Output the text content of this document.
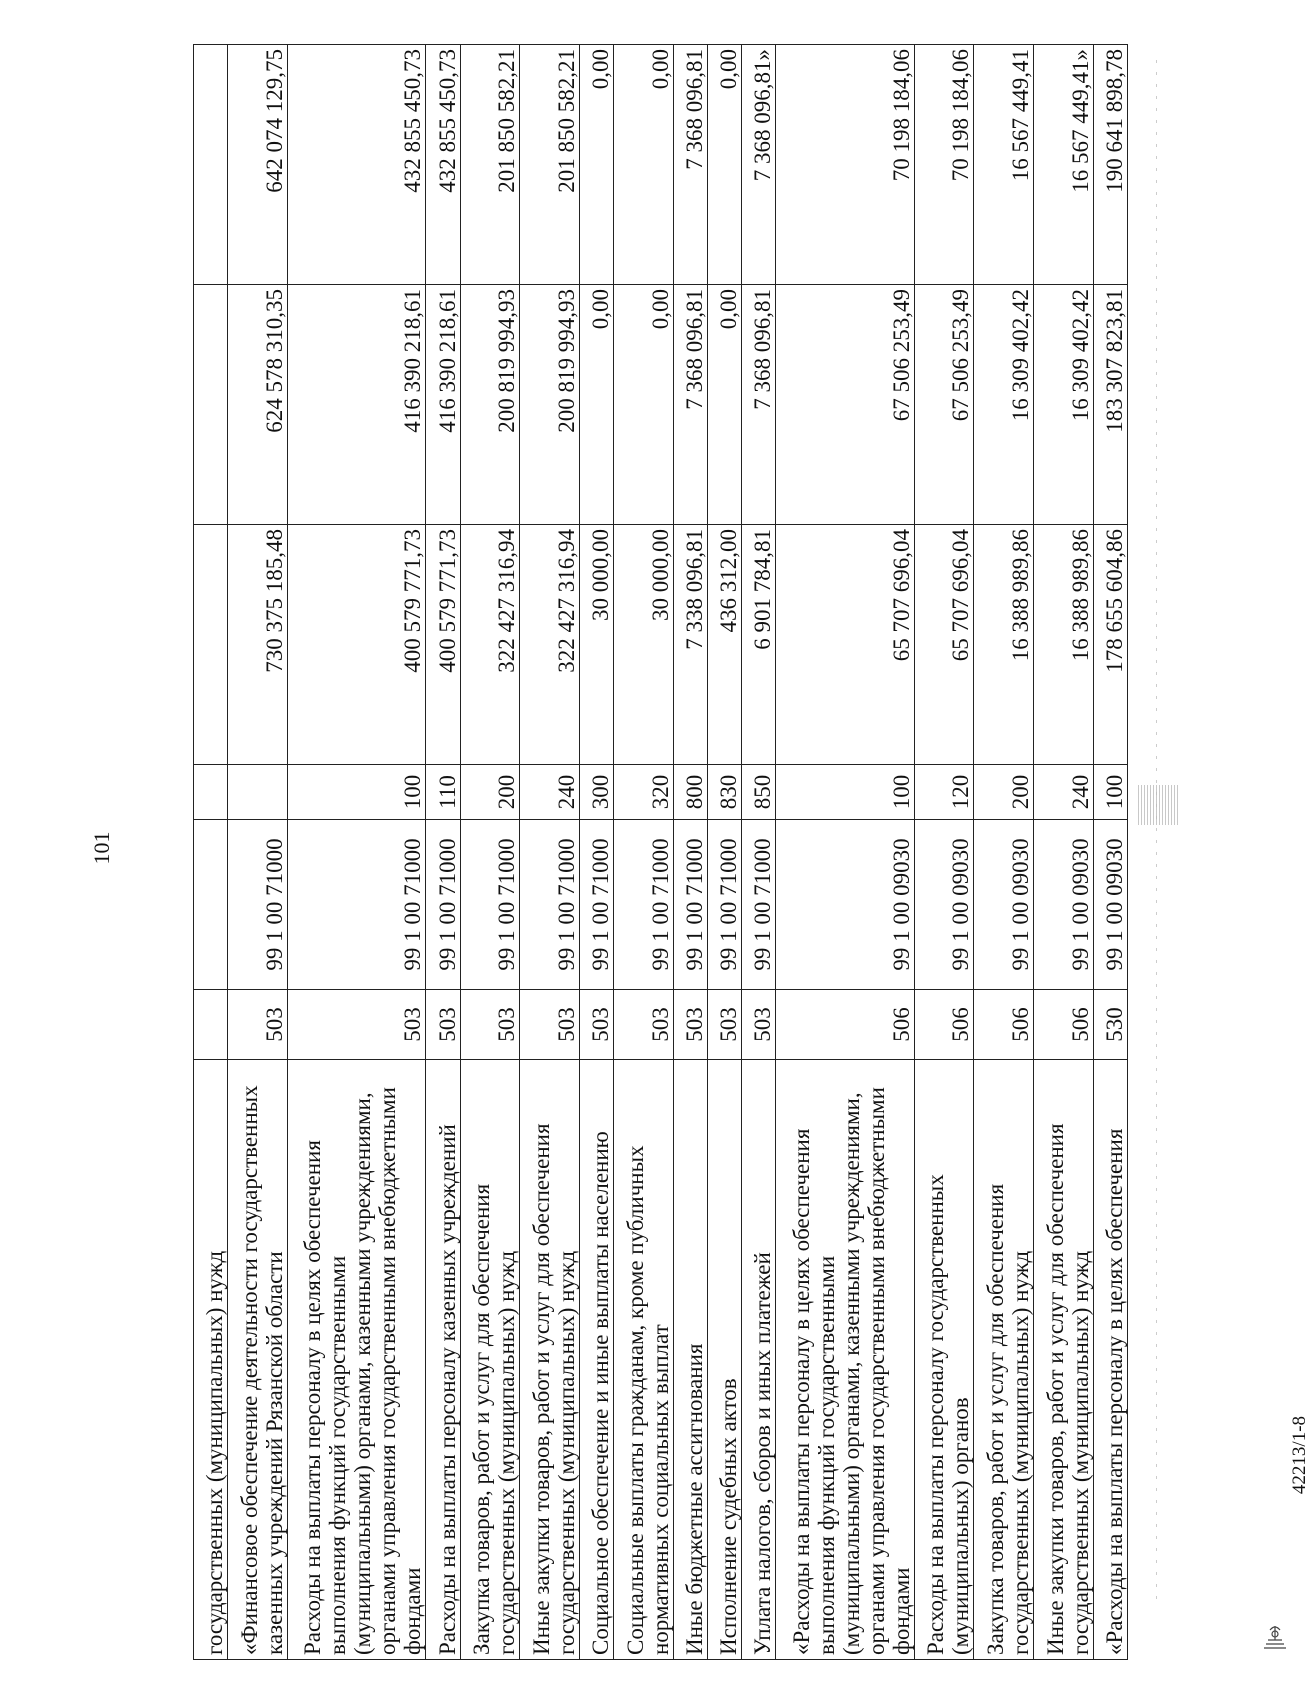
101
42213/1-8
государственных (муниципальных) нужд						
«Финансовое обеспечение деятельности государственных казенных учреждений Рязанской области	503	99 1 00 71000		730 375 185,48	624 578 310,35	642 074 129,75
Расходы на выплаты персоналу в целях обеспечения выполнения функций государственными (муниципальными) органами, казенными учреждениями, органами управления государственными внебюджетными фондами	503	99 1 00 71000	100	400 579 771,73	416 390 218,61	432 855 450,73
Расходы на выплаты персоналу казенных учреждений	503	99 1 00 71000	110	400 579 771,73	416 390 218,61	432 855 450,73
Закупка товаров, работ и услуг для обеспечения государственных (муниципальных) нужд	503	99 1 00 71000	200	322 427 316,94	200 819 994,93	201 850 582,21
Иные закупки товаров, работ и услуг для обеспечения государственных (муниципальных) нужд	503	99 1 00 71000	240	322 427 316,94	200 819 994,93	201 850 582,21
Социальное обеспечение и иные выплаты населению	503	99 1 00 71000	300	30 000,00	0,00	0,00
Социальные выплаты гражданам, кроме публичных нормативных социальных выплат	503	99 1 00 71000	320	30 000,00	0,00	0,00
Иные бюджетные ассигнования	503	99 1 00 71000	800	7 338 096,81	7 368 096,81	7 368 096,81
Исполнение судебных актов	503	99 1 00 71000	830	436 312,00	0,00	0,00
Уплата налогов, сборов и иных платежей	503	99 1 00 71000	850	6 901 784,81	7 368 096,81	7 368 096,81»
«Расходы на выплаты персоналу в целях обеспечения выполнения функций государственными (муниципальными) органами, казенными учреждениями, органами управления государственными внебюджетными фондами	506	99 1 00 09030	100	65 707 696,04	67 506 253,49	70 198 184,06
Расходы на выплаты персоналу государственных (муниципальных) органов	506	99 1 00 09030	120	65 707 696,04	67 506 253,49	70 198 184,06
Закупка товаров, работ и услуг для обеспечения государственных (муниципальных) нужд	506	99 1 00 09030	200	16 388 989,86	16 309 402,42	16 567 449,41
Иные закупки товаров, работ и услуг для обеспечения государственных (муниципальных) нужд	506	99 1 00 09030	240	16 388 989,86	16 309 402,42	16 567 449,41»
«Расходы на выплаты персоналу в целях обеспечения	530	99 1 00 09030	100	178 655 604,86	183 307 823,81	190 641 898,78
